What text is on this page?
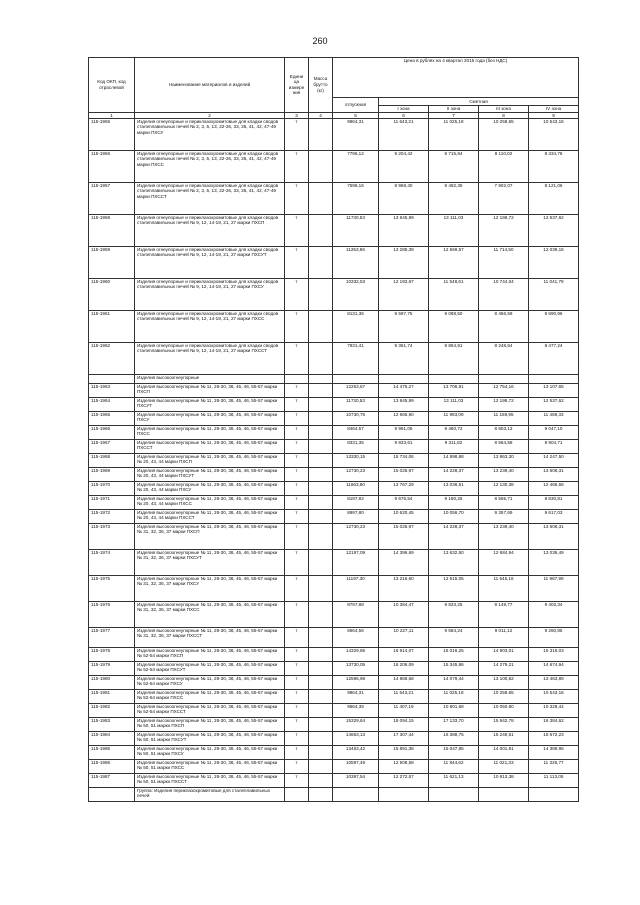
260
Код ОКП, код отраслевой	Наименование материалов и изделий	Едини ца измере ния	Масса брутто (кг)	Цена в рублях на 4 квартал 2015 года (без НДС)				
				отпускная	Сметная			
					I зона	II зона	III зона	IV зона
1	2	3	4	5	6	7	8	9
115-1955	Изделия огнеупорные и периклазохромитовые для кладки сводов сталеплавильных печей № 2, 3, 5, 13, 22-26, 33, 35, 41, 42, 47-49 марки ПХСУ	т		9864,31	11 643,21	11 025,18	10 258,65	10 543,16
115-1956	Изделия огнеупорные и периклазохромитовые для кладки сводов сталеплавильных печей № 2, 3, 5, 13, 22-26, 33, 35, 41, 42, 47-49 марки ПХСС	т		7796,12	9 204,42	8 715,84	8 110,02	8 334,78
115-1957	Изделия огнеупорные и периклазохромитовые для кладки сводов сталеплавильных печей № 2, 3, 5, 13, 22-26, 33, 35, 41, 42, 47-49 марки ПХССТ	т		7598,16	8 968,40	8 492,35	7 902,07	8 121,06
115-1958	Изделия огнеупорные и периклазохромитовые для кладки сводов сталеплавильных печей № 9, 12, 14-19, 21, 27 марки ПХСП	т		11730,53	13 845,99	13 111,03	12 198,72	12 537,62
115-1959	Изделия огнеупорные и периклазохромитовые для кладки сводов сталеплавильных печей № 9, 12, 14-19, 21, 27 марки ПХСУТ	т		11253,86	13 285,39	12 569,57	11 714,50	12 039,16
115-1960	Изделия огнеупорные и периклазохромитовые для кладки сводов сталеплавильных печей № 9, 12, 14-19, 21, 27 марки ПХСУ	т		10332,53	12 193,67	11 548,61	10 744,04	11 041,79
115-1961	Изделия огнеупорные и периклазохромитовые для кладки сводов сталеплавильных печей № 9, 12, 14-19, 21, 27 марки ПХСС	т		8131,36	9 597,75	9 088,50	8 456,59	8 690,96
115-1962	Изделия огнеупорные и периклазохромитовые для кладки сводов сталеплавильных печей № 9, 12, 14-19, 21, 27 марки ПХССТ	т		7931,41	9 361,74	8 864,91	8 248,64	8 477,24
	Изделия высокоогнеупорные							
115-1963	Изделия высокоогнеупорные № 11, 28-30, 38, 45, 46, 55-57 марки ПХСП	т		12263,67	14 475,27	13 706,91	12 754,16	13 107,65
115-1964	Изделия высокоогнеупорные № 11, 28-30, 38, 45, 46, 55-57 марки ПХСУТ	т		11730,53	13 845,99	13 111,03	12 198,72	12 537,62
115-1965	Изделия высокоогнеупорные № 11, 28-30, 38, 45, 46, 55-57 марки ПХСУ	т		10730,76	12 665,90	11 993,09	11 159,95	11 469,33
115-1966	Изделия высокоогнеупорные № 11, 28-30, 38, 45, 46, 55-57 марки ПХСС	т		8464,57	9 991,05	9 460,72	8 803,13	9 047,10
115-1967	Изделия высокоогнеупорные № 11, 28-30, 38, 45, 46, 55-57 марки ПХССТ	т		8331,35	9 833,61	9 311,82	8 664,58	8 904,71
115-1968	Изделия высокоогнеупорные № 11, 28-30, 38, 45, 46, 55-57 марки № 20, 43, 44 марки ПХСП	т		13330,15	15 734,06	14 898,88	13 863,30	14 247,50
115-1969	Изделия высокоогнеупорные № 11, 28-30, 38, 45, 46, 55-57 марки № 20, 43, 44 марки ПХСУТ	т		12730,23	15 025,97	14 228,37	13 239,40	13 606,31
115-1970	Изделия высокоогнеупорные № 11, 28-30, 38, 45, 46, 55-57 марки № 20, 43, 44 марки ПХСУ	т		11663,80	13 767,29	13 036,51	12 130,38	12 466,56
115-1971	Изделия высокоогнеупорные № 11, 28-30, 38, 45, 46, 55-57 марки № 20, 43, 44 марки ПХСС	т		8197,92	9 676,54	9 180,26	8 565,71	8 830,81
115-1972	Изделия высокоогнеупорные № 11, 28-30, 38, 45, 46, 55-57 марки № 20, 43, 44 марки ПХССТ	т		8997,80	10 620,45	10 056,70	9 357,69	9 617,03
115-1973	Изделия высокоогнеупорные № 11, 28-30, 38, 45, 46, 55-57 марки № 31, 32, 36, 37 марки ПХСП	т		12730,23	15 025,97	14 228,37	13 239,40	13 606,31
115-1974	Изделия высокоогнеупорные № 11, 28-30, 38, 45, 46, 55-57 марки № 31, 32, 36, 37 марки ПХСУТ	т		12197,09	14 396,69	13 632,50	12 684,94	13 036,49
115-1975	Изделия высокоогнеупорные № 11, 28-30, 38, 45, 46, 55-57 марки № 31, 32, 36, 37 марки ПХСУ	т		11197,30	13 216,60	12 515,05	11 645,16	11 967,99
115-1976	Изделия высокоогнеупорные № 11, 28-30, 38, 45, 46, 55-57 марки № 31, 32, 36, 37 марки ПХСС	т		8797,88	10 384,47	9 833,25	9 149,77	9 403,34
115-1977	Изделия высокоогнеупорные № 11, 28-30, 38, 45, 46, 55-57 марки № 31, 32, 36, 37 марки ПХССТ	т		8664,56	10 227,11	9 684,24	9 011,12	9 260,85
115-1978	Изделия высокоогнеупорные № 11, 28-30, 38, 45, 46, 55-57 марки № 52-54 марки ПХСП	т		14329,86	16 914,07	16 016,25	14 903,01	15 316,03
115-1979	Изделия высокоогнеупорные № 11, 28-30, 38, 45, 46, 55-57 марки № 52-54 марки ПХСУТ	т		13730,05	16 206,09	15 345,86	14 279,21	14 674,94
115-1980	Изделия высокоогнеупорные № 11, 28-30, 38, 45, 46, 55-57 марки № 52-54 марки ПХСУ	т		12596,98	14 868,68	14 079,44	13 100,82	13 463,89
115-1981	Изделия высокоогнеупорные № 11, 28-30, 38, 45, 46, 55-57 марки № 52-54 марки ПХСС	т		9864,31	11 643,21	11 025,18	10 258,65	10 543,16
115-1982	Изделия высокоогнеупорные № 11, 28-30, 38, 45, 46, 55-57 марки № 52-54 марки ПХССТ	т		9664,39	11 407,19	10 801,68	10 050,90	10 329,44
115-1983	Изделия высокоогнеупорные № 11, 28-30, 38, 45, 46, 55-57 марки № 50, 51 марки ПХСП	т		15329,64	18 094,15	17 133,70	15 942,78	16 384,62
115-1984	Изделия высокоогнеупорные № 11, 28-30, 38, 45, 46, 55-57 марки № 50, 51 марки ПХСУТ	т		14663,13	17 307,44	16 388,75	15 249,61	15 672,23
115-1985	Изделия высокоогнеупорные № 11, 28-30, 38, 45, 46, 55-57 марки № 50, 51 марки ПХСУ	т		13463,42	15 891,38	15 047,85	14 001,91	14 389,96
115-1986	Изделия высокоогнеупорные № 11, 28-30, 38, 45, 46, 55-57 марки № 50, 51 марки ПХСС	т		10597,49	12 508,58	11 844,62	11 021,33	11 326,77
115-1987	Изделия высокоогнеупорные № 11, 28-30, 38, 45, 46, 55-57 марки № 50, 51 марки ПХССТ	т		10397,54	12 272,57	11 621,13	10 813,38	11 113,05
	Группа: Изделия периклазохромитовые для сталеплавильных печей							
